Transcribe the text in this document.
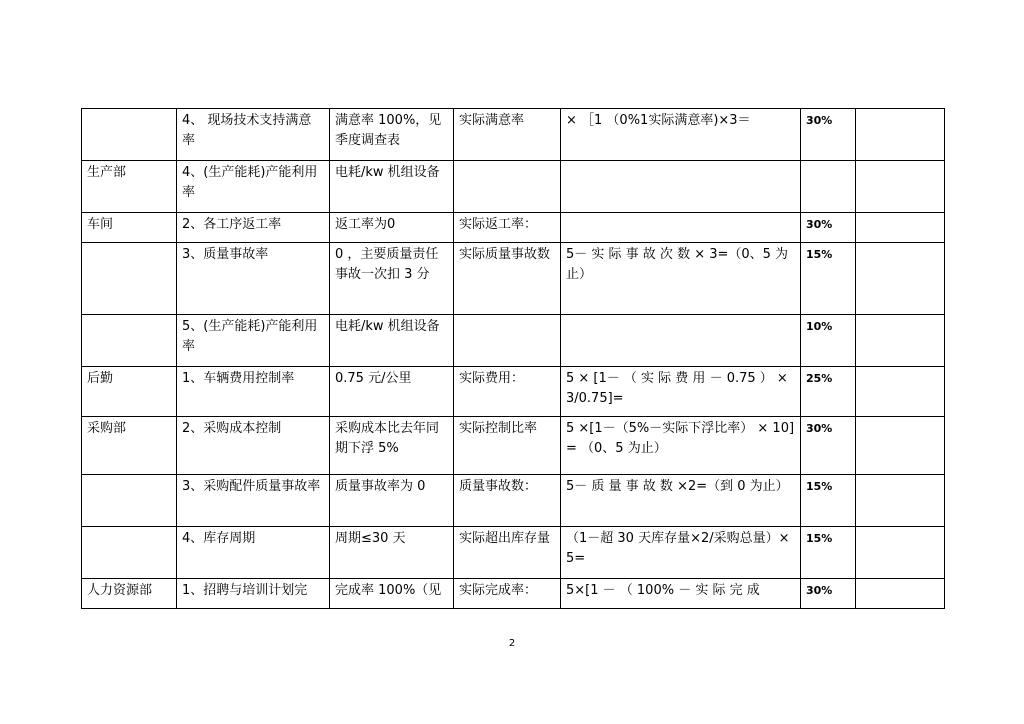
	4、 现场技术支持满意率	满意率 100%，见季度调查表	实际满意率	× ［1 （0%1实际满意率)×3＝	30%	
生产部	4、(生产能耗)产能利用率	电耗/kw 机组设备				
车间	2、各工序返工率	返工率为0	实际返工率：		30%	
	3、质量事故率	0 ，主要质量责任事故一次扣 3 分	实际质量事故数	5－ 实 际 事 故 次 数 × 3=（0、5 为止）	15%	
	5、(生产能耗)产能利用率	电耗/kw 机组设备			10%	
后勤	1、车辆费用控制率	0.75 元/公里	实际费用：	5 × [1－ （ 实 际 费 用 － 0.75 ） × 3/0.75]=	25%	
采购部	2、采购成本控制	采购成本比去年同期下浮 5%	实际控制比率	5 ×[1－（5%－实际下浮比率） × 10]= （0、5 为止）	30%	
	3、采购配件质量事故率	质量事故率为 0	质量事故数：	5－ 质 量 事 故 数 ×2=（到 0 为止）	15%	
	4、库存周期	周期≤30 天	实际超出库存量	（1－超 30 天库存量×2/采购总量）×5=	15%	
人力资源部	1、招聘与培训计划完	完成率 100%（见	实际完成率：	5×[1 － （ 100% － 实 际 完 成	30%	
2
